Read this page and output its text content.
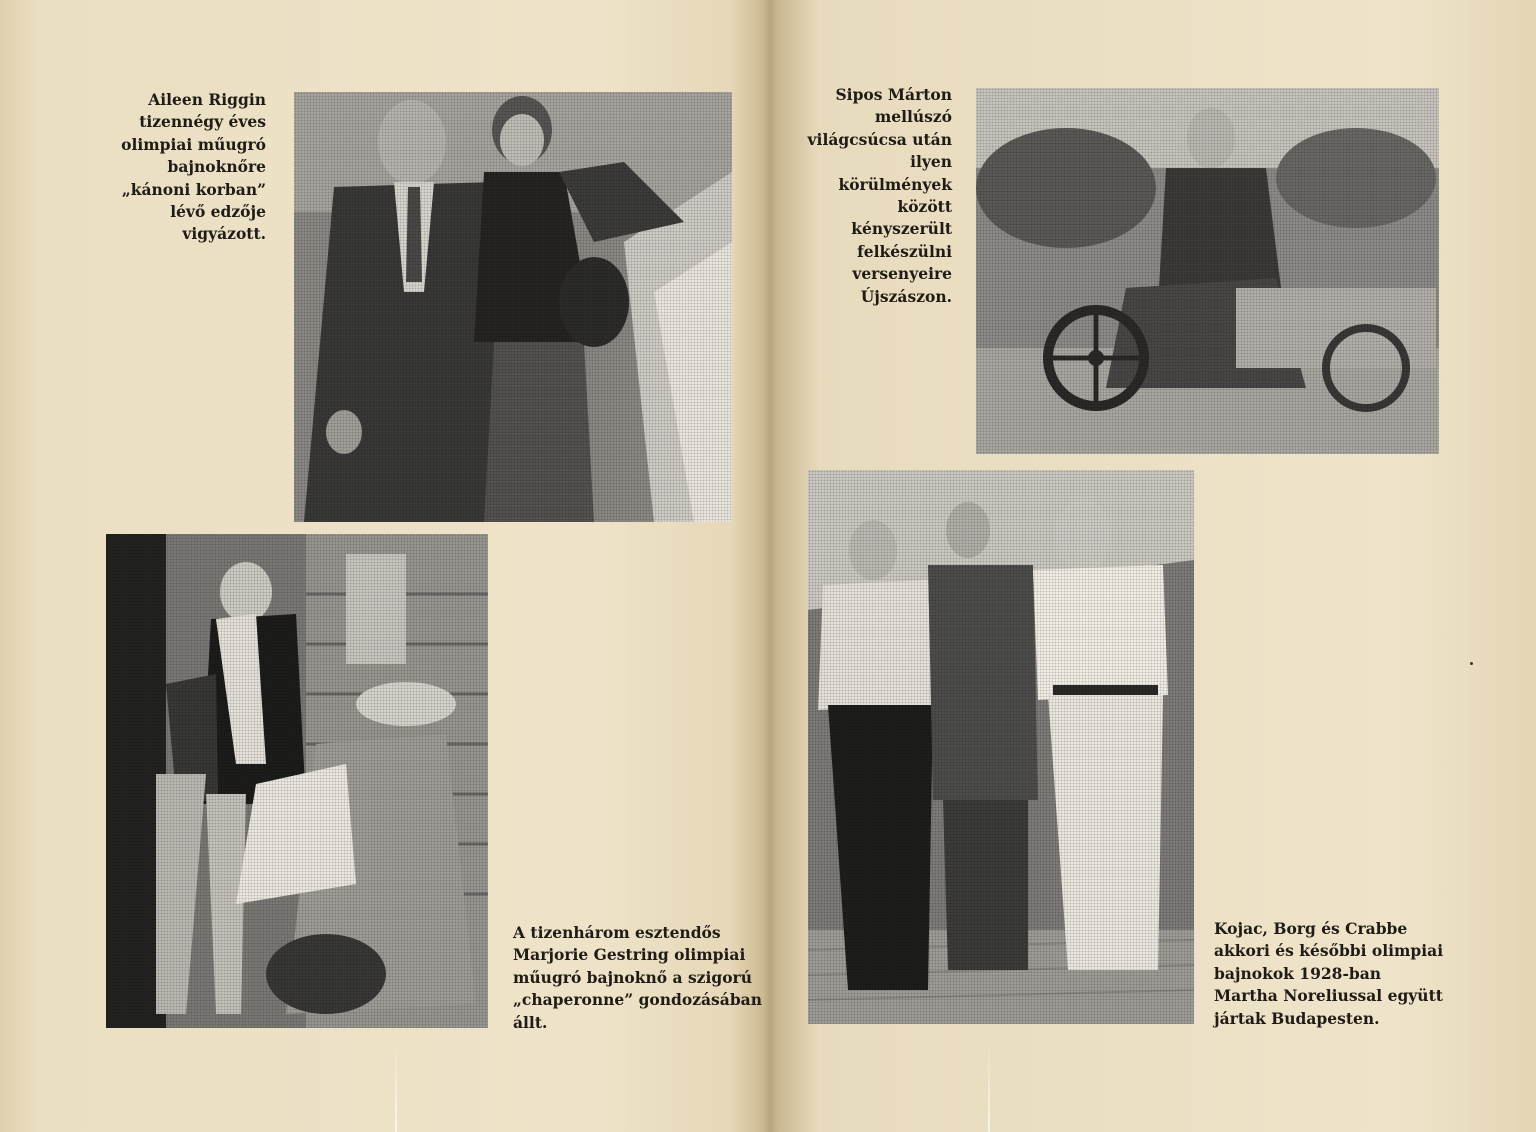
Aileen Riggin
tizennégy éves
olimpiai műugró
bajnoknőre
„kánoni korban”
lévő edzője
vigyázott.
A tizenhárom esztendős
Marjorie Gestring olimpiai
műugró bajnoknő a szigorú
„chaperonne” gondozásában
állt.
Sipos Márton
mellúszó
világcsúcsa után
ilyen
körülmények
között
kényszerült
felkészülni
versenyeire
Újszászon.
Kojac, Borg és Crabbe
akkori és későbbi olimpiai
bajnokok 1928-ban
Martha Noreliussal együtt
jártak Budapesten.
